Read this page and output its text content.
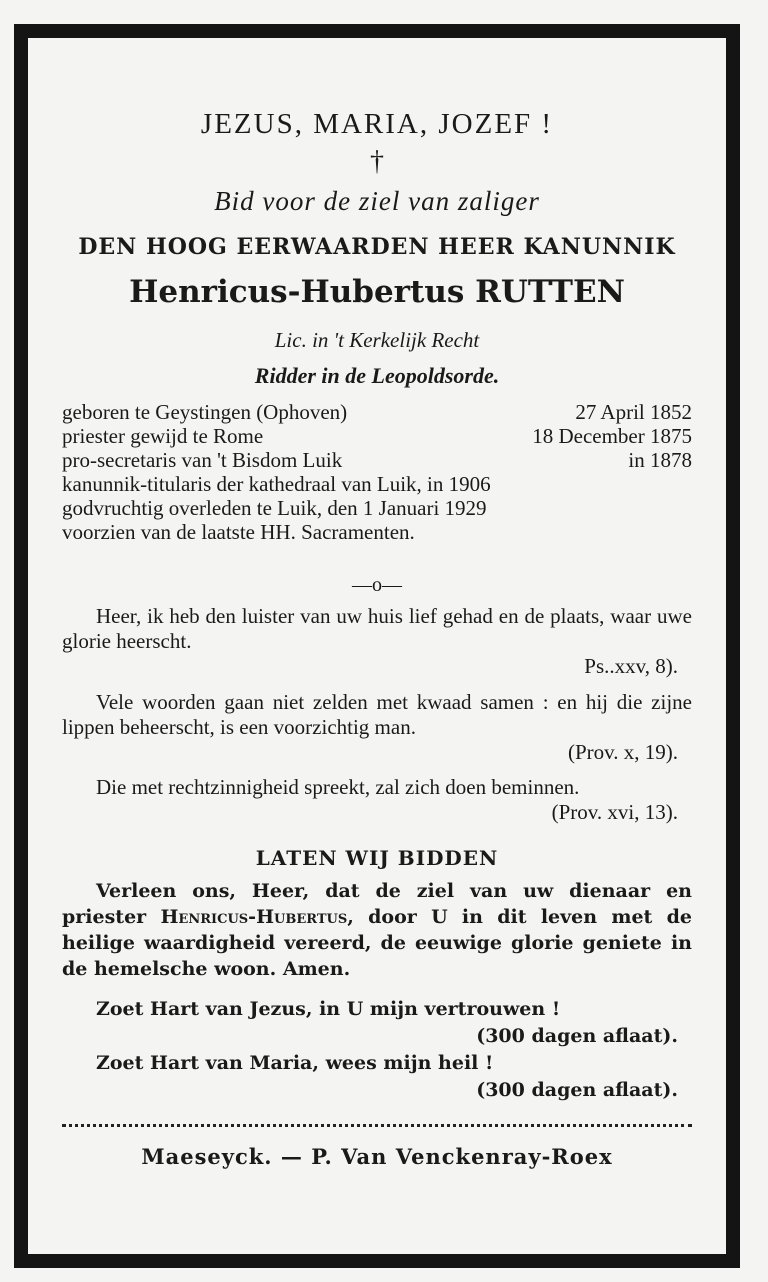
JEZUS, MARIA, JOZEF !
†
Bid voor de ziel van zaliger
DEN HOOG EERWAARDEN HEER KANUNNIK
Henricus-Hubertus RUTTEN
Lic. in 't Kerkelijk Recht
Ridder in de Leopoldsorde.
geboren te Geystingen (Ophoven)	27 April 1852
priester gewijd te Rome	18 December 1875
pro-secretaris van 't Bisdom Luik	in 1878
kanunnik-titularis der kathedraal van Luik, in 1906
godvruchtig overleden te Luik, den 1 Januari 1929
voorzien van de laatste HH. Sacramenten.
—o—
Heer, ik heb den luister van uw huis lief gehad en de plaats, waar uwe glorie heerscht.
Ps..xxv, 8).
Vele woorden gaan niet zelden met kwaad samen : en hij die zijne lippen beheerscht, is een voorzichtig man.
(Prov. x, 19).
Die met rechtzinnigheid spreekt, zal zich doen beminnen.
(Prov. xvi, 13).
LATEN WIJ BIDDEN
Verleen ons, Heer, dat de ziel van uw dienaar en priester Henricus-Hubertus, door U in dit leven met de heilige waardigheid vereerd, de eeuwige glorie geniete in de hemelsche woon. Amen.
Zoet Hart van Jezus, in U mijn vertrouwen !
(300 dagen aflaat).
Zoet Hart van Maria, wees mijn heil !
(300 dagen aflaat).
Maeseyck. — P. Van Venckenray-Roex
